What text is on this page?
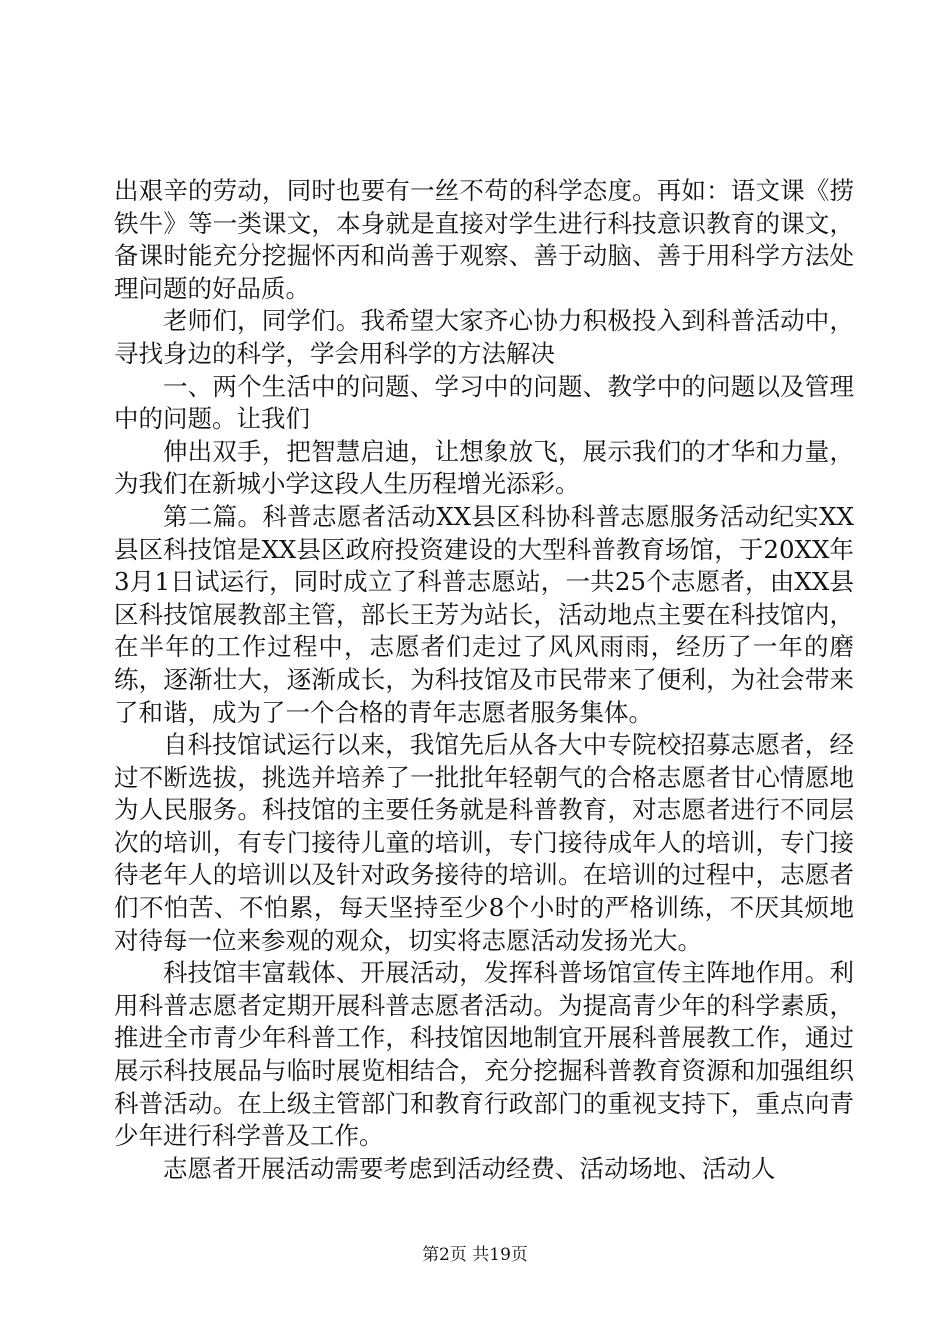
出艰辛的劳动，同时也要有一丝不苟的科学态度。再如：语文课《捞铁牛》等一类课文，本身就是直接对学生进行科技意识教育的课文，备课时能充分挖掘怀丙和尚善于观察、善于动脑、善于用科学方法处理问题的好品质。

老师们，同学们。我希望大家齐心协力积极投入到科普活动中，寻找身边的科学，学会用科学的方法解决

一、两个生活中的问题、学习中的问题、教学中的问题以及管理中的问题。让我们

伸出双手，把智慧启迪，让想象放飞，展示我们的才华和力量，为我们在新城小学这段人生历程增光添彩。

第二篇。科普志愿者活动XX县区科协科普志愿服务活动纪实XX县区科技馆是XX县区政府投资建设的大型科普教育场馆，于20XX年3月1日试运行，同时成立了科普志愿站，一共25个志愿者，由XX县区科技馆展教部主管，部长王芳为站长，活动地点主要在科技馆内，在半年的工作过程中，志愿者们走过了风风雨雨，经历了一年的磨练，逐渐壮大，逐渐成长，为科技馆及市民带来了便利，为社会带来了和谐，成为了一个合格的青年志愿者服务集体。

自科技馆试运行以来，我馆先后从各大中专院校招募志愿者，经过不断选拔，挑选并培养了一批批年轻朝气的合格志愿者甘心情愿地为人民服务。科技馆的主要任务就是科普教育，对志愿者进行不同层次的培训，有专门接待儿童的培训，专门接待成年人的培训，专门接待老年人的培训以及针对政务接待的培训。在培训的过程中，志愿者们不怕苦、不怕累，每天坚持至少8个小时的严格训练，不厌其烦地对待每一位来参观的观众，切实将志愿活动发扬光大。

科技馆丰富载体、开展活动，发挥科普场馆宣传主阵地作用。利用科普志愿者定期开展科普志愿者活动。为提高青少年的科学素质，推进全市青少年科普工作，科技馆因地制宜开展科普展教工作，通过展示科技展品与临时展览相结合，充分挖掘科普教育资源和加强组织科普活动。在上级主管部门和教育行政部门的重视支持下，重点向青少年进行科学普及工作。

志愿者开展活动需要考虑到活动经费、活动场地、活动人

第2页 共19页
